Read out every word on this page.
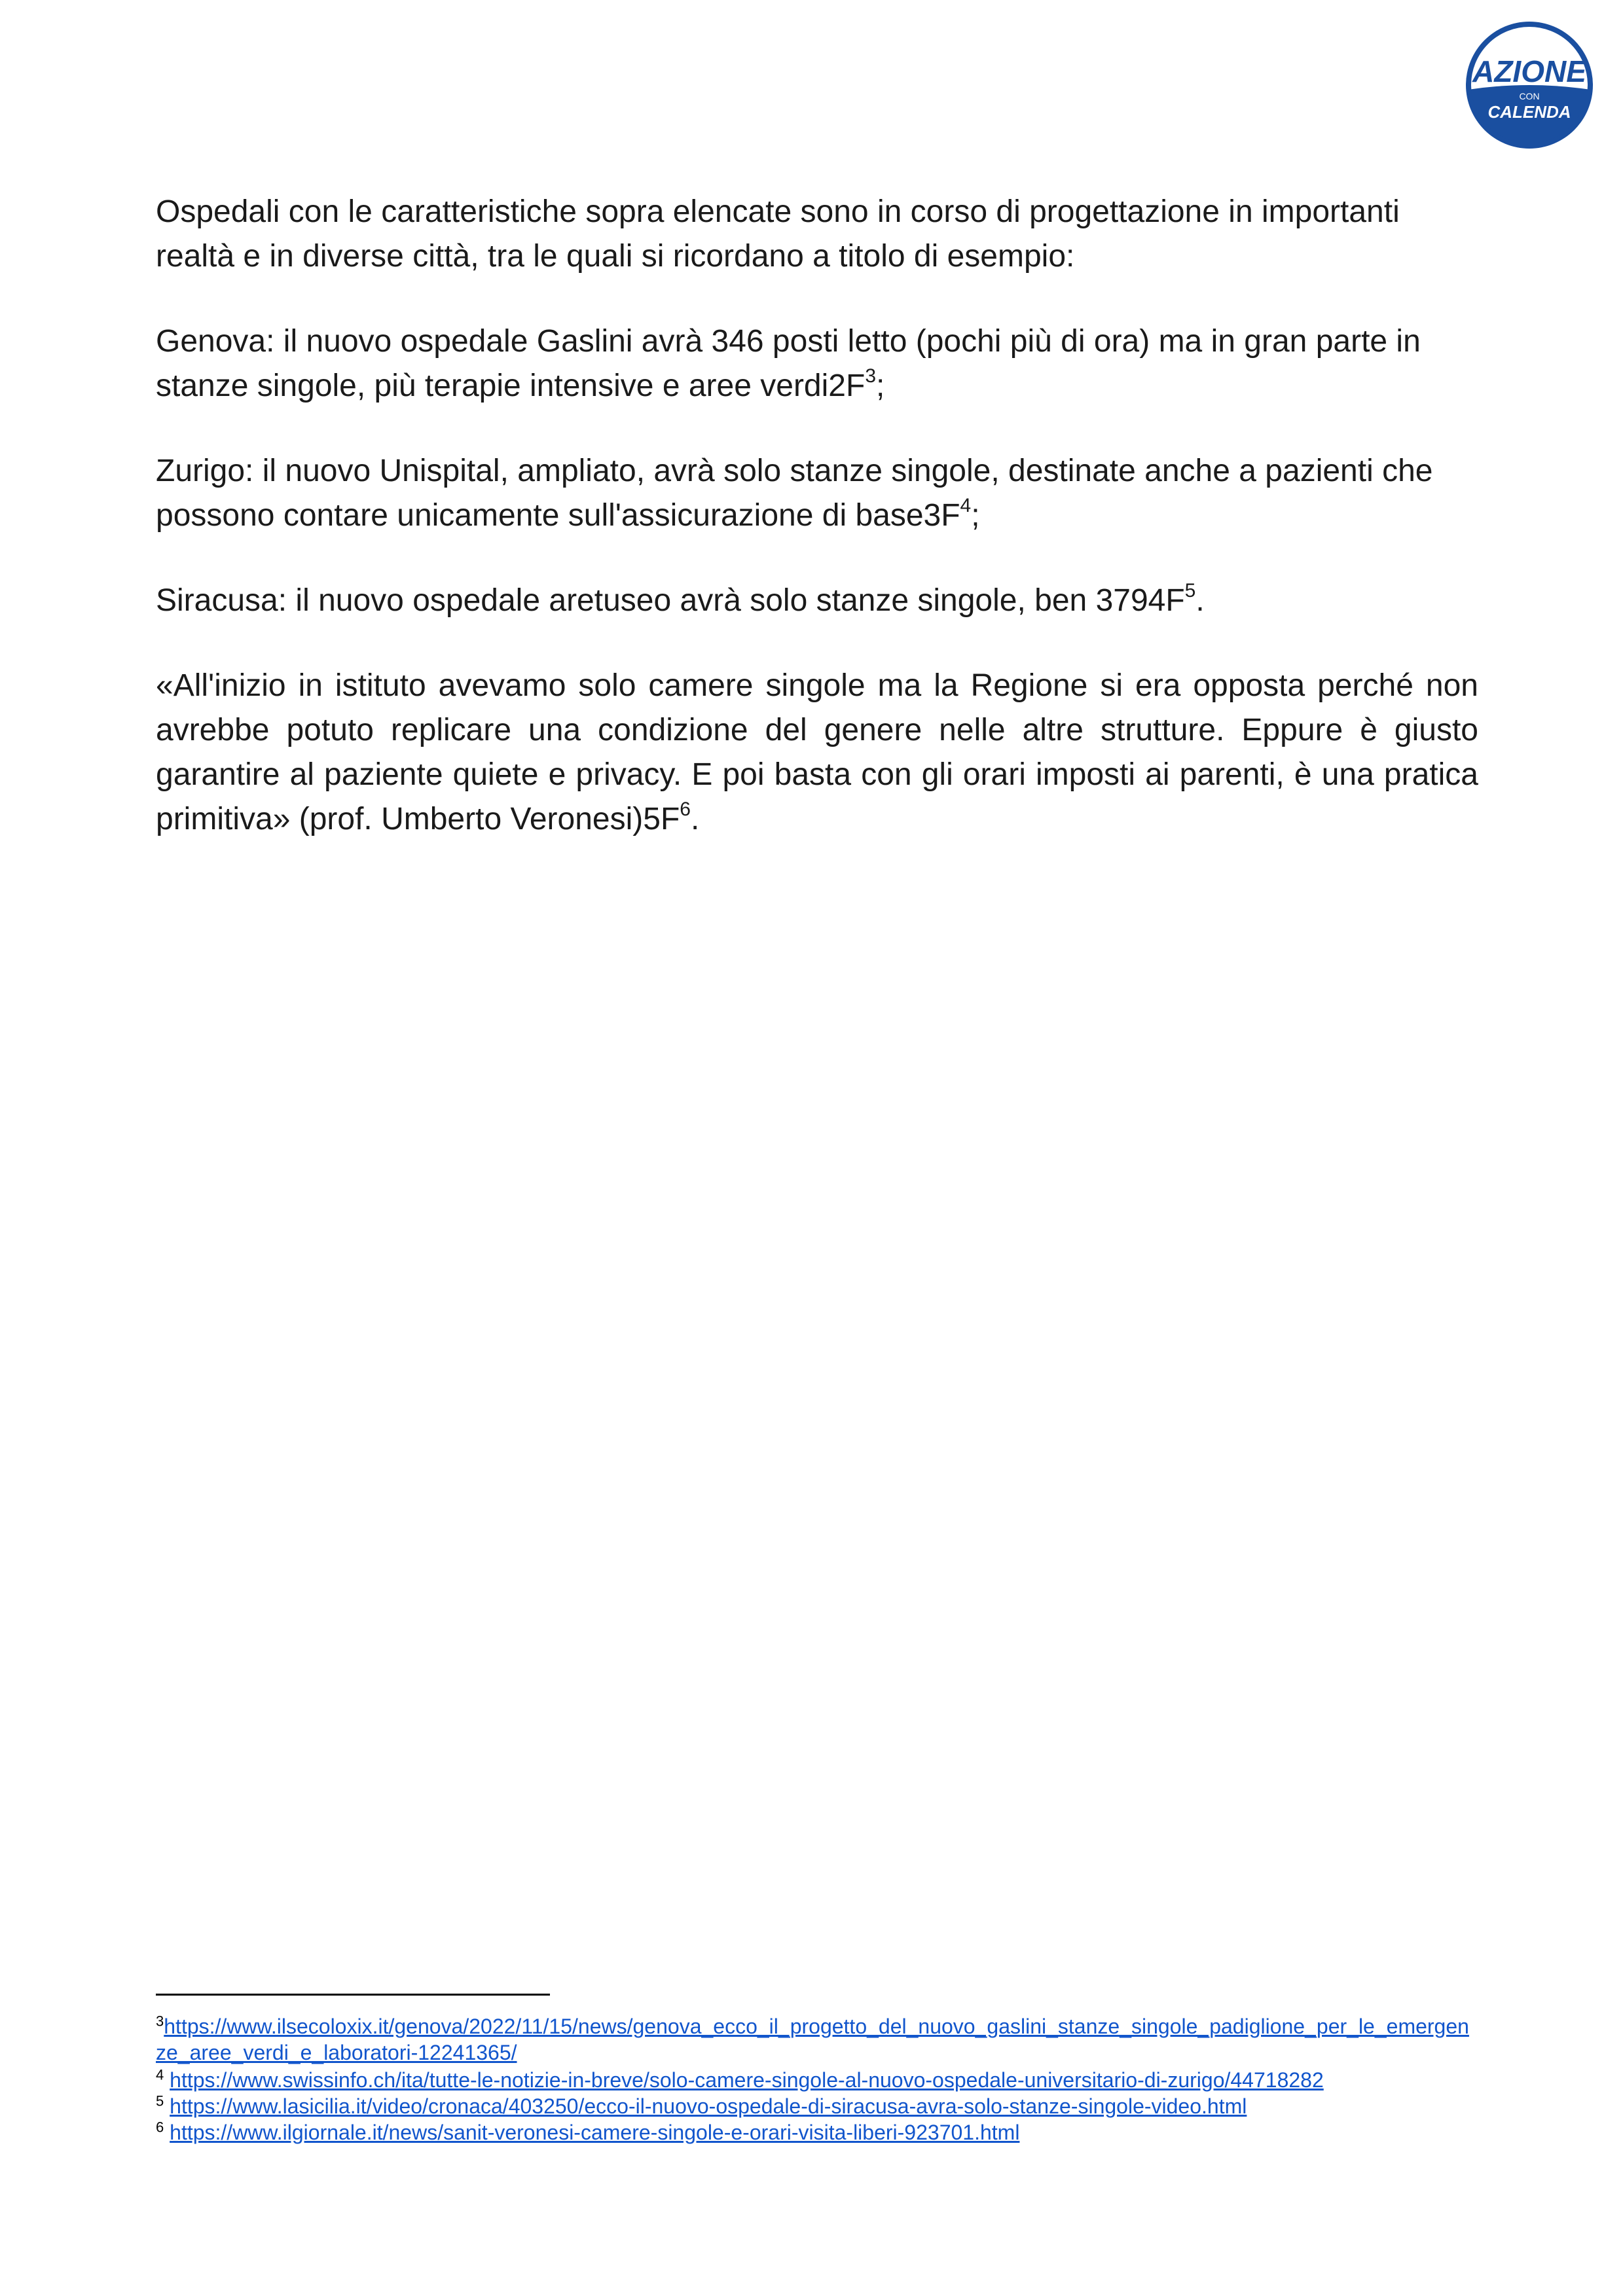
AZIONE
CON
CALENDA

Ospedali con le caratteristiche sopra elencate sono in corso di progettazione in importanti realtà e in diverse città, tra le quali si ricordano a titolo di esempio:

Genova: il nuovo ospedale Gaslini avrà 346 posti letto (pochi più di ora) ma in gran parte in stanze singole, più terapie intensive e aree $verdi2F^3$;

Zurigo: il nuovo Unispital, ampliato, avrà solo stanze singole, destinate anche a pazienti che possono contare unicamente sull'assicurazione di $base3F^4$;

Siracusa: il nuovo ospedale aretuseo avrà solo stanze singole, ben $3794F^5$.

«All'inizio in istituto avevamo solo camere singole ma la Regione si era opposta perché non avrebbe potuto replicare una condizione del genere nelle altre strutture. Eppure è giusto garantire al paziente quiete e privacy. E poi basta con gli orari imposti ai parenti, è una pratica primitiva» (prof. Umberto $Veronesi)5F^6$.

$^3$https://www.ilsecoloxix.it/genova/2022/11/15/news/genova_ecco_il_progetto_del_nuovo_gaslini_stanze_singole_padiglione_per_le_emergenze_aree_verdi_e_laboratori-12241365/

$^4$ https://www.swissinfo.ch/ita/tutte-le-notizie-in-breve/solo-camere-singole-al-nuovo-ospedale-universitario-di-zurigo/44718282

$^5$ https://www.lasicilia.it/video/cronaca/403250/ecco-il-nuovo-ospedale-di-siracusa-avra-solo-stanze-singole-video.html

$^6$ https://www.ilgiornale.it/news/sanit-veronesi-camere-singole-e-orari-visita-liberi-923701.html
